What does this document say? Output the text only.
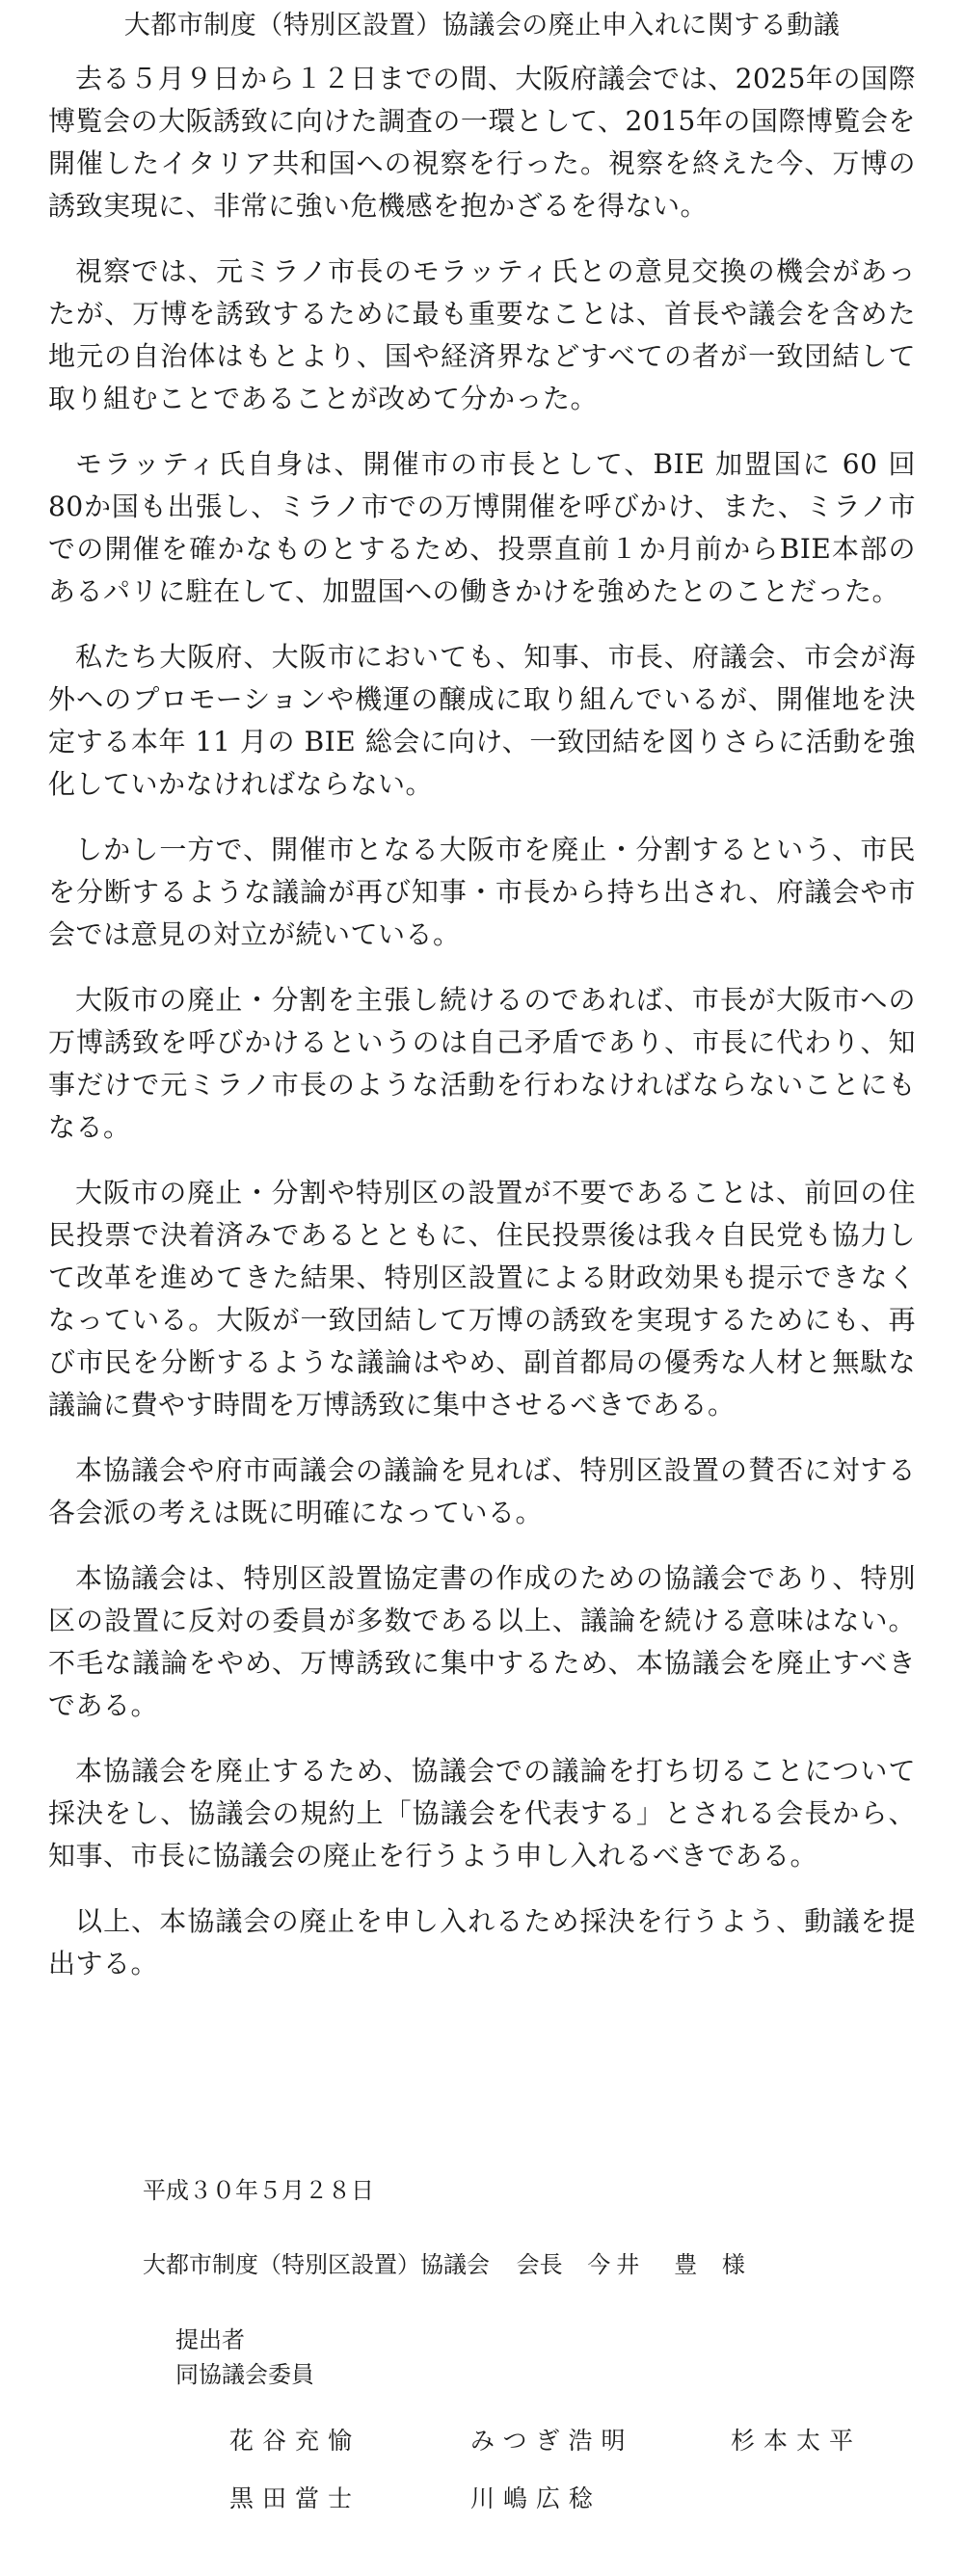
大都市制度（特別区設置）協議会の廃止申入れに関する動議

去る５月９日から１２日までの間、大阪府議会では、2025年の国際博覧会の大阪誘致に向けた調査の一環として、2015年の国際博覧会を開催したイタリア共和国への視察を行った。視察を終えた今、万博の誘致実現に、非常に強い危機感を抱かざるを得ない。

視察では、元ミラノ市長のモラッティ氏との意見交換の機会があったが、万博を誘致するために最も重要なことは、首長や議会を含めた地元の自治体はもとより、国や経済界などすべての者が一致団結して取り組むことであることが改めて分かった。

モラッティ氏自身は、開催市の市長として、BIE 加盟国に 60 回 80か国も出張し、ミラノ市での万博開催を呼びかけ、また、ミラノ市での開催を確かなものとするため、投票直前１か月前からBIE本部のあるパリに駐在して、加盟国への働きかけを強めたとのことだった。

私たち大阪府、大阪市においても、知事、市長、府議会、市会が海外へのプロモーションや機運の醸成に取り組んでいるが、開催地を決定する本年 11 月の BIE 総会に向け、一致団結を図りさらに活動を強化していかなければならない。

しかし一方で、開催市となる大阪市を廃止・分割するという、市民を分断するような議論が再び知事・市長から持ち出され、府議会や市会では意見の対立が続いている。

大阪市の廃止・分割を主張し続けるのであれば、市長が大阪市への万博誘致を呼びかけるというのは自己矛盾であり、市長に代わり、知事だけで元ミラノ市長のような活動を行わなければならないことにもなる。

大阪市の廃止・分割や特別区の設置が不要であることは、前回の住民投票で決着済みであるとともに、住民投票後は我々自民党も協力して改革を進めてきた結果、特別区設置による財政効果も提示できなくなっている。大阪が一致団結して万博の誘致を実現するためにも、再び市民を分断するような議論はやめ、副首都局の優秀な人材と無駄な議論に費やす時間を万博誘致に集中させるべきである。

本協議会や府市両議会の議論を見れば、特別区設置の賛否に対する各会派の考えは既に明確になっている。

本協議会は、特別区設置協定書の作成のための協議会であり、特別区の設置に反対の委員が多数である以上、議論を続ける意味はない。不毛な議論をやめ、万博誘致に集中するため、本協議会を廃止すべきである。

本協議会を廃止するため、協議会での議論を打ち切ることについて採決をし、協議会の規約上「協議会を代表する」とされる会長から、知事、市長に協議会の廃止を行うよう申し入れるべきである。

以上、本協議会の廃止を申し入れるため採決を行うよう、動議を提出する。

平成３０年５月２８日
大都市制度（特別区設置）協議会 会長 今井　豊 様
提出者
同協議会委員
花谷充愉	みつぎ浩明	杉本太平
黒田當士	川嶋広稔
